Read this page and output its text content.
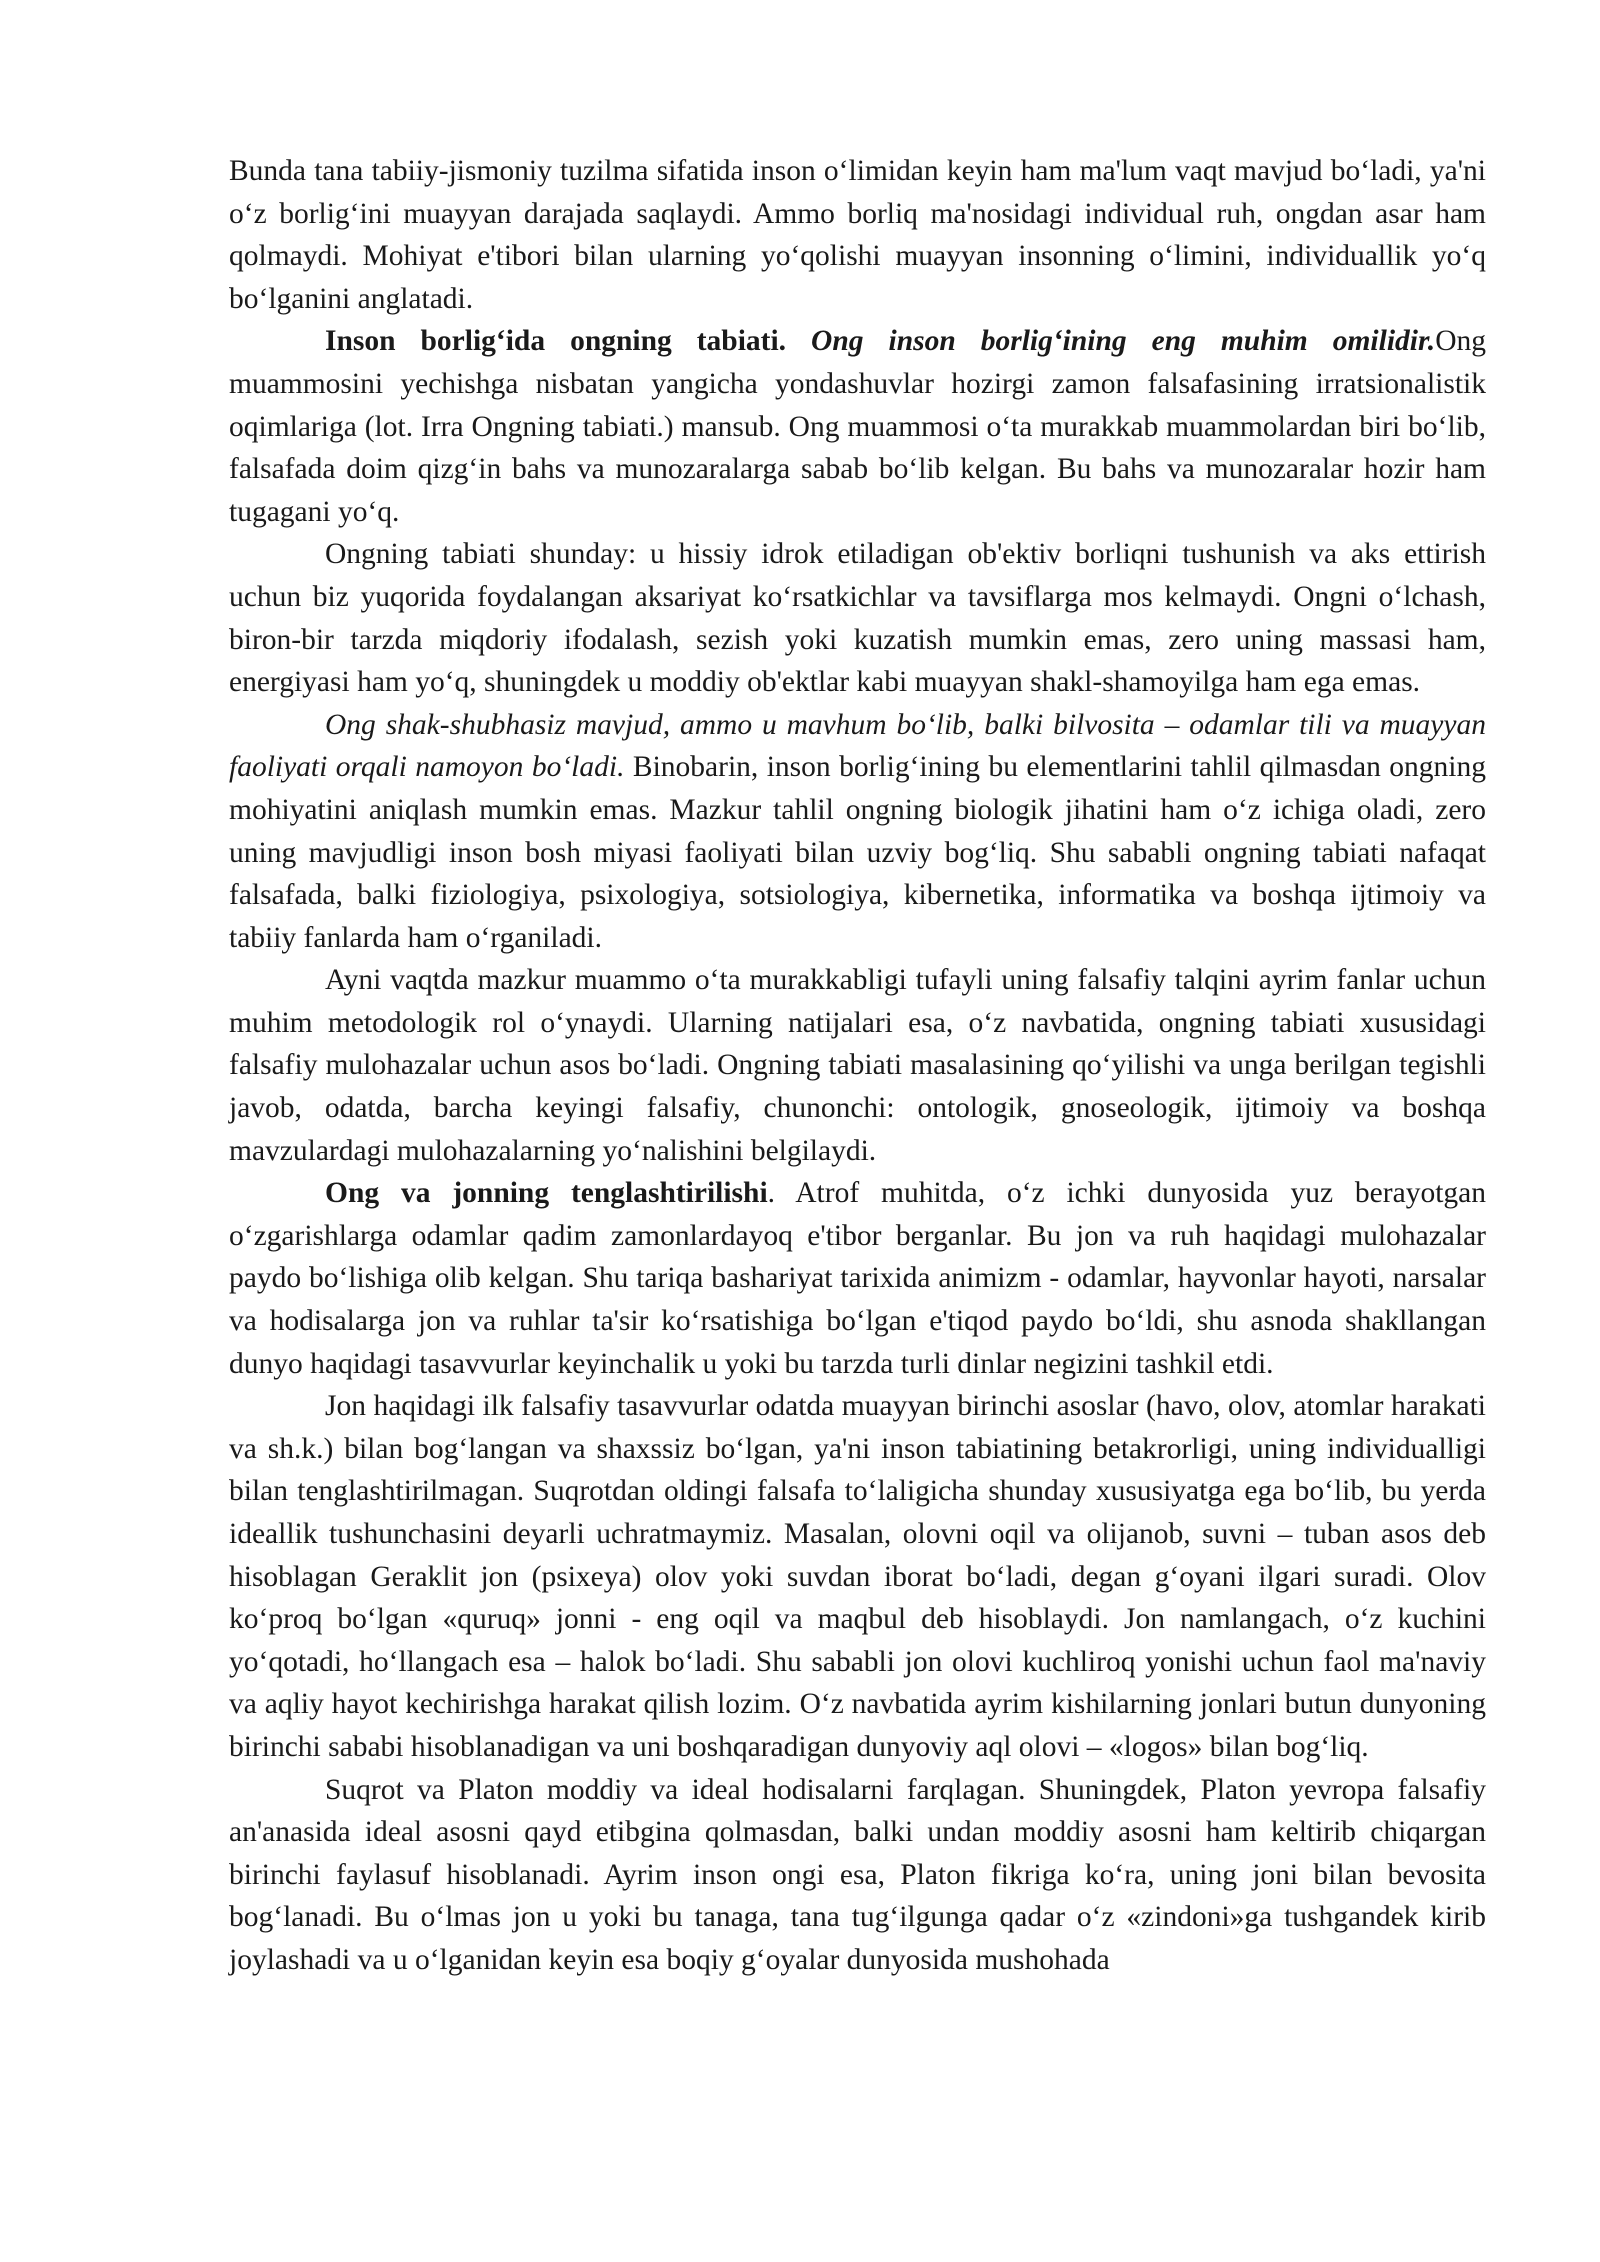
Bunda tana tabiiy-jismoniy tuzilma sifatida inson o‘limidan keyin ham ma'lum vaqt mavjud bo‘ladi, ya'ni o‘z borlig‘ini muayyan darajada saqlaydi. Ammo borliq ma'nosidagi individual ruh, ongdan asar ham qolmaydi. Mohiyat e'tibori bilan ularning yo‘qolishi muayyan insonning o‘limini, individuallik yo‘q bo‘lganini anglatadi.

Inson borlig‘ida ongning tabiati. Ong inson borlig‘ining eng muhim omilidir.Ong muammosini yechishga nisbatan yangicha yondashuvlar hozirgi zamon falsafasining irratsionalistik oqimlariga (lot. Irra Ongning tabiati.) mansub. Ong muammosi o‘ta murakkab muammolardan biri bo‘lib, falsafada doim qizg‘in bahs va munozaralarga sabab bo‘lib kelgan. Bu bahs va munozaralar hozir ham tugagani yo‘q.

Ongning tabiati shunday: u hissiy idrok etiladigan ob'ektiv borliqni tushunish va aks ettirish uchun biz yuqorida foydalangan aksariyat ko‘rsatkichlar va tavsiflarga mos kelmaydi. Ongni o‘lchash, biron-bir tarzda miqdoriy ifodalash, sezish yoki kuzatish mumkin emas, zero uning massasi ham, energiyasi ham yo‘q, shuningdek u moddiy ob'ektlar kabi muayyan shakl-shamoyilga ham ega emas.

Ong shak-shubhasiz mavjud, ammo u mavhum bo‘lib, balki bilvosita – odamlar tili va muayyan faoliyati orqali namoyon bo‘ladi. Binobarin, inson borlig‘ining bu elementlarini tahlil qilmasdan ongning mohiyatini aniqlash mumkin emas. Mazkur tahlil ongning biologik jihatini ham o‘z ichiga oladi, zero uning mavjudligi inson bosh miyasi faoliyati bilan uzviy bog‘liq. Shu sababli ongning tabiati nafaqat falsafada, balki fiziologiya, psixologiya, sotsiologiya, kibernetika, informatika va boshqa ijtimoiy va tabiiy fanlarda ham o‘rganiladi.

Ayni vaqtda mazkur muammo o‘ta murakkabligi tufayli uning falsafiy talqini ayrim fanlar uchun muhim metodologik rol o‘ynaydi. Ularning natijalari esa, o‘z navbatida, ongning tabiati xususidagi falsafiy mulohazalar uchun asos bo‘ladi. Ongning tabiati masalasining qo‘yilishi va unga berilgan tegishli javob, odatda, barcha keyingi falsafiy, chunonchi: ontologik, gnoseologik, ijtimoiy va boshqa mavzulardagi mulohazalarning yo‘nalishini belgilaydi.

Ong va jonning tenglashtirilishi. Atrof muhitda, o‘z ichki dunyosida yuz berayotgan o‘zgarishlarga odamlar qadim zamonlardayoq e'tibor berganlar. Bu jon va ruh haqidagi mulohazalar paydo bo‘lishiga olib kelgan. Shu tariqa bashariyat tarixida animizm - odamlar, hayvonlar hayoti, narsalar va hodisalarga jon va ruhlar ta'sir ko‘rsatishiga bo‘lgan e'tiqod paydo bo‘ldi, shu asnoda shakllangan dunyo haqidagi tasavvurlar keyinchalik u yoki bu tarzda turli dinlar negizini tashkil etdi.

Jon haqidagi ilk falsafiy tasavvurlar odatda muayyan birinchi asoslar (havo, olov, atomlar harakati va sh.k.) bilan bog‘langan va shaxssiz bo‘lgan, ya'ni inson tabiatining betakrorligi, uning individualligi bilan tenglashtirilmagan. Suqrotdan oldingi falsafa to‘laligicha shunday xususiyatga ega bo‘lib, bu yerda ideallik tushunchasini deyarli uchratmaymiz. Masalan, olovni oqil va olijanob, suvni – tuban asos deb hisoblagan Geraklit jon (psixeya) olov yoki suvdan iborat bo‘ladi, degan g‘oyani ilgari suradi. Olov ko‘proq bo‘lgan «quruq» jonni - eng oqil va maqbul deb hisoblaydi. Jon namlangach, o‘z kuchini yo‘qotadi, ho‘llangach esa – halok bo‘ladi. Shu sababli jon olovi kuchliroq yonishi uchun faol ma'naviy va aqliy hayot kechirishga harakat qilish lozim. O‘z navbatida ayrim kishilarning jonlari butun dunyoning birinchi sababi hisoblanadigan va uni boshqaradigan dunyoviy aql olovi – «logos» bilan bog‘liq.

Suqrot va Platon moddiy va ideal hodisalarni farqlagan. Shuningdek, Platon yevropa falsafiy an'anasida ideal asosni qayd etibgina qolmasdan, balki undan moddiy asosni ham keltirib chiqargan birinchi faylasuf hisoblanadi. Ayrim inson ongi esa, Platon fikriga ko‘ra, uning joni bilan bevosita bog‘lanadi. Bu o‘lmas jon u yoki bu tanaga, tana tug‘ilgunga qadar o‘z «zindoni»ga tushgandek kirib joylashadi va u o‘lganidan keyin esa boqiy g‘oyalar dunyosida mushohada
